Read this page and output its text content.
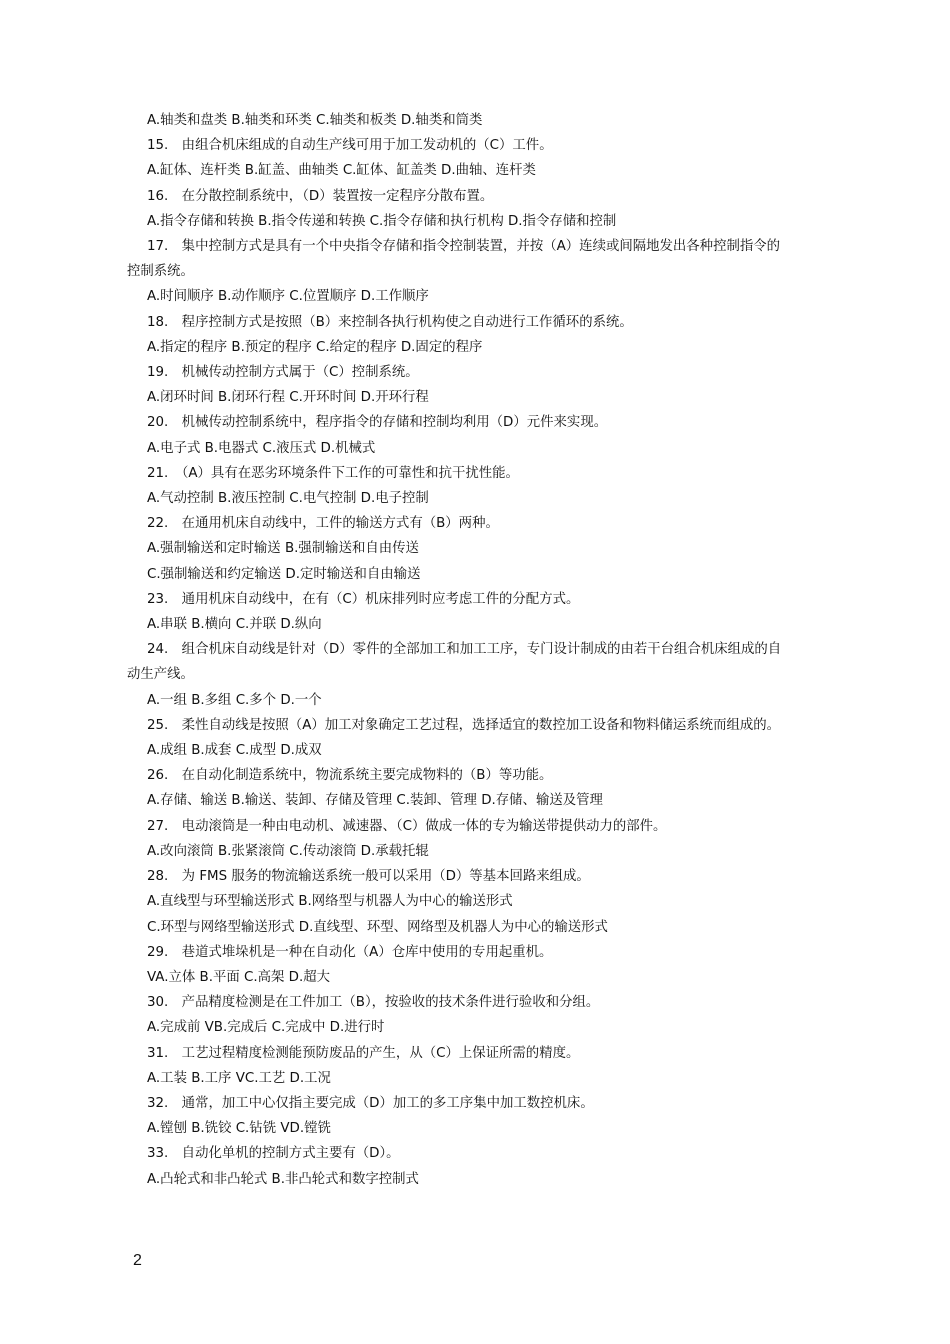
A.轴类和盘类 B.轴类和环类 C.轴类和板类 D.轴类和筒类
15.　由组合机床组成的自动生产线可用于加工发动机的（C）工件。
A.缸体、连杆类 B.缸盖、曲轴类 C.缸体、缸盖类 D.曲轴、连杆类
16.　在分散控制系统中，（D）装置按一定程序分散布置。
A.指令存储和转换 B.指令传递和转换 C.指令存储和执行机构 D.指令存储和控制
17.　集中控制方式是具有一个中央指令存储和指令控制装置，并按（A）连续或间隔地发出各种控制指令的
控制系统。
A.时间顺序 B.动作顺序 C.位置顺序 D.工作顺序
18.　程序控制方式是按照（B）来控制各执行机构使之自动进行工作循环的系统。
A.指定的程序 B.预定的程序 C.给定的程序 D.固定的程序
19.　机械传动控制方式属于（C）控制系统。
A.闭环时间 B.闭环行程 C.开环时间 D.开环行程
20.　机械传动控制系统中，程序指令的存储和控制均利用（D）元件来实现。
A.电子式 B.电器式 C.液压式 D.机械式
21.　（A）具有在恶劣环境条件下工作的可靠性和抗干扰性能。
A.气动控制 B.液压控制 C.电气控制 D.电子控制
22.　在通用机床自动线中，工件的输送方式有（B）两种。
A.强制输送和定时输送 B.强制输送和自由传送
C.强制输送和约定输送 D.定时输送和自由输送
23.　通用机床自动线中，在有（C）机床排列时应考虑工件的分配方式。
A.串联 B.横向 C.并联 D.纵向
24.　组合机床自动线是针对（D）零件的全部加工和加工工序，专门设计制成的由若干台组合机床组成的自
动生产线。
A.一组 B.多组 C.多个 D.一个
25.　柔性自动线是按照（A）加工对象确定工艺过程，选择适宜的数控加工设备和物料储运系统而组成的。
A.成组 B.成套 C.成型 D.成双
26.　在自动化制造系统中，物流系统主要完成物料的（B）等功能。
A.存储、输送 B.输送、装卸、存储及管理 C.装卸、管理 D.存储、输送及管理
27.　电动滚筒是一种由电动机、减速器、（C）做成一体的专为输送带提供动力的部件。
A.改向滚筒 B.张紧滚筒 C.传动滚筒 D.承载托辊
28.　为 FMS 服务的物流输送系统一般可以采用（D）等基本回路来组成。
A.直线型与环型输送形式 B.网络型与机器人为中心的输送形式
C.环型与网络型输送形式 D.直线型、环型、网络型及机器人为中心的输送形式
29.　巷道式堆垛机是一种在自动化（A）仓库中使用的专用起重机。
VA.立体 B.平面 C.高架 D.超大
30.　产品精度检测是在工件加工（B），按验收的技术条件进行验收和分组。
A.完成前 VB.完成后 C.完成中 D.进行时
31.　工艺过程精度检测能预防废品的产生，从（C）上保证所需的精度。
A.工装 B.工序 VC.工艺 D.工况
32.　通常，加工中心仅指主要完成（D）加工的多工序集中加工数控机床。
A.镗刨 B.铣铰 C.钻铣 VD.镗铣
33.　自动化单机的控制方式主要有（D）。
A.凸轮式和非凸轮式 B.非凸轮式和数字控制式
2
